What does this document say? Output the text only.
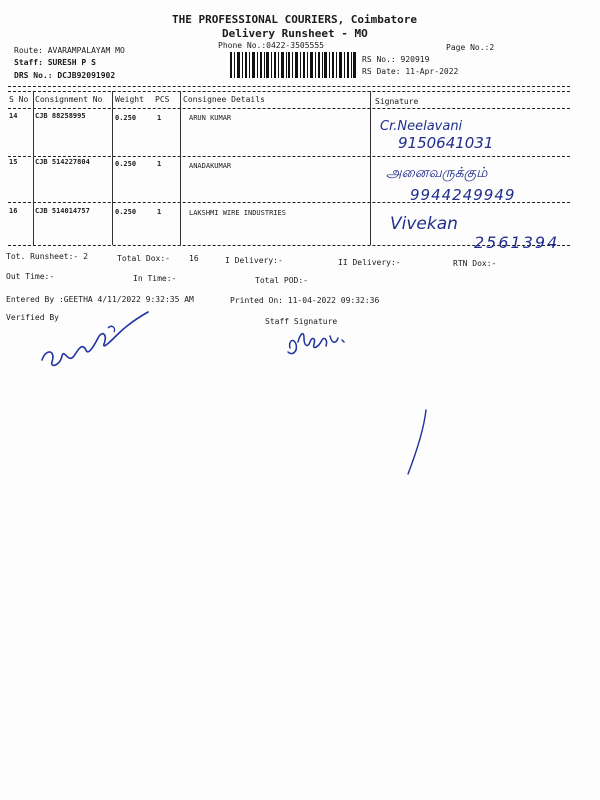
THE PROFESSIONAL COURIERS, Coimbatore
Delivery Runsheet - MO
Phone No.:0422-3505555	Page No.:2
Route: AVARAMPALAYAM MO
Staff: SURESH P S
DRS No.: DCJB92091902
RS No.: 920919
RS Date: 11-Apr-2022
S No Consignment No Weight PCS Consignee Details	Signature
14	CJB 88258995	0.250	1	ARUN KUMAR
Cr.Neelavani
9150641031
15	CJB 514227804	0.250	1	ANADAKUMAR	அனைவருக்கும்
9944249949
16	CJB 514014757	0.250	1	LAKSHMI WIRE INDUSTRIES
Vivekan
2561394
Tot. Runsheet:- 2	Total Dox:- 16	I Delivery:-	II Delivery:-	RTN Dox:-
Out Time:-	In Time:-	Total POD:-
Entered By :GEETHA 4/11/2022 9:32:35 AM	Printed On: 11-04-2022 09:32:36
Verified By	Staff Signature
